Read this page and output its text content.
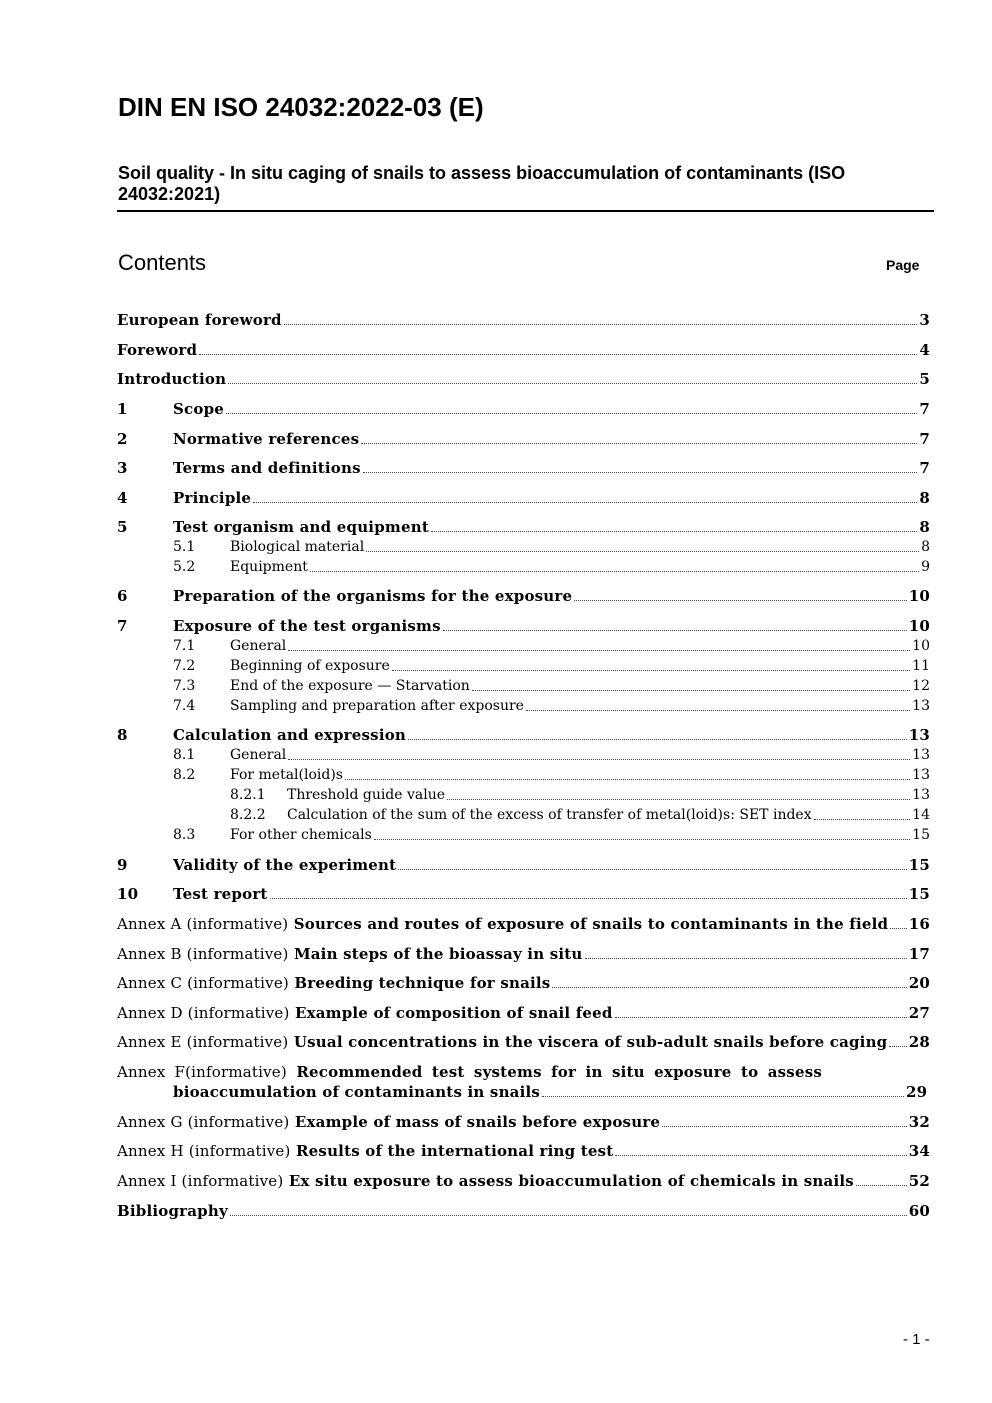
DIN EN ISO 24032:2022-03 (E)
Soil quality - In situ caging of snails to assess bioaccumulation of contaminants (ISO 24032:2021)
Contents	Page
European foreword	3
Foreword	4
Introduction	5
1	Scope	7
2	Normative references	7
3	Terms and definitions	7
4	Principle	8
5	Test organism and equipment	8
5.1	Biological material	8
5.2	Equipment	9
6	Preparation of the organisms for the exposure	10
7	Exposure of the test organisms	10
7.1	General	10
7.2	Beginning of exposure	11
7.3	End of the exposure — Starvation	12
7.4	Sampling and preparation after exposure	13
8	Calculation and expression	13
8.1	General	13
8.2	For metal(loid)s	13
8.2.1	Threshold guide value	13
8.2.2	Calculation of the sum of the excess of transfer of metal(loid)s: SET index	14
8.3	For other chemicals	15
9	Validity of the experiment	15
10	Test report	15
Annex A (informative) Sources and routes of exposure of snails to contaminants in the field 16
Annex B (informative) Main steps of the bioassay in situ	17
Annex C (informative) Breeding technique for snails	20
Annex D (informative) Example of composition of snail feed	27
Annex E (informative) Usual concentrations in the viscera of sub-adult snails before caging 28
Annex F(informative) Recommended test systems for in situ exposure to assess
bioaccumulation of contaminants in snails	29
Annex G (informative) Example of mass of snails before exposure	32
Annex H (informative) Results of the international ring test	34
Annex I (informative) Ex situ exposure to assess bioaccumulation of chemicals in snails	52
Bibliography	60
- 1 -
